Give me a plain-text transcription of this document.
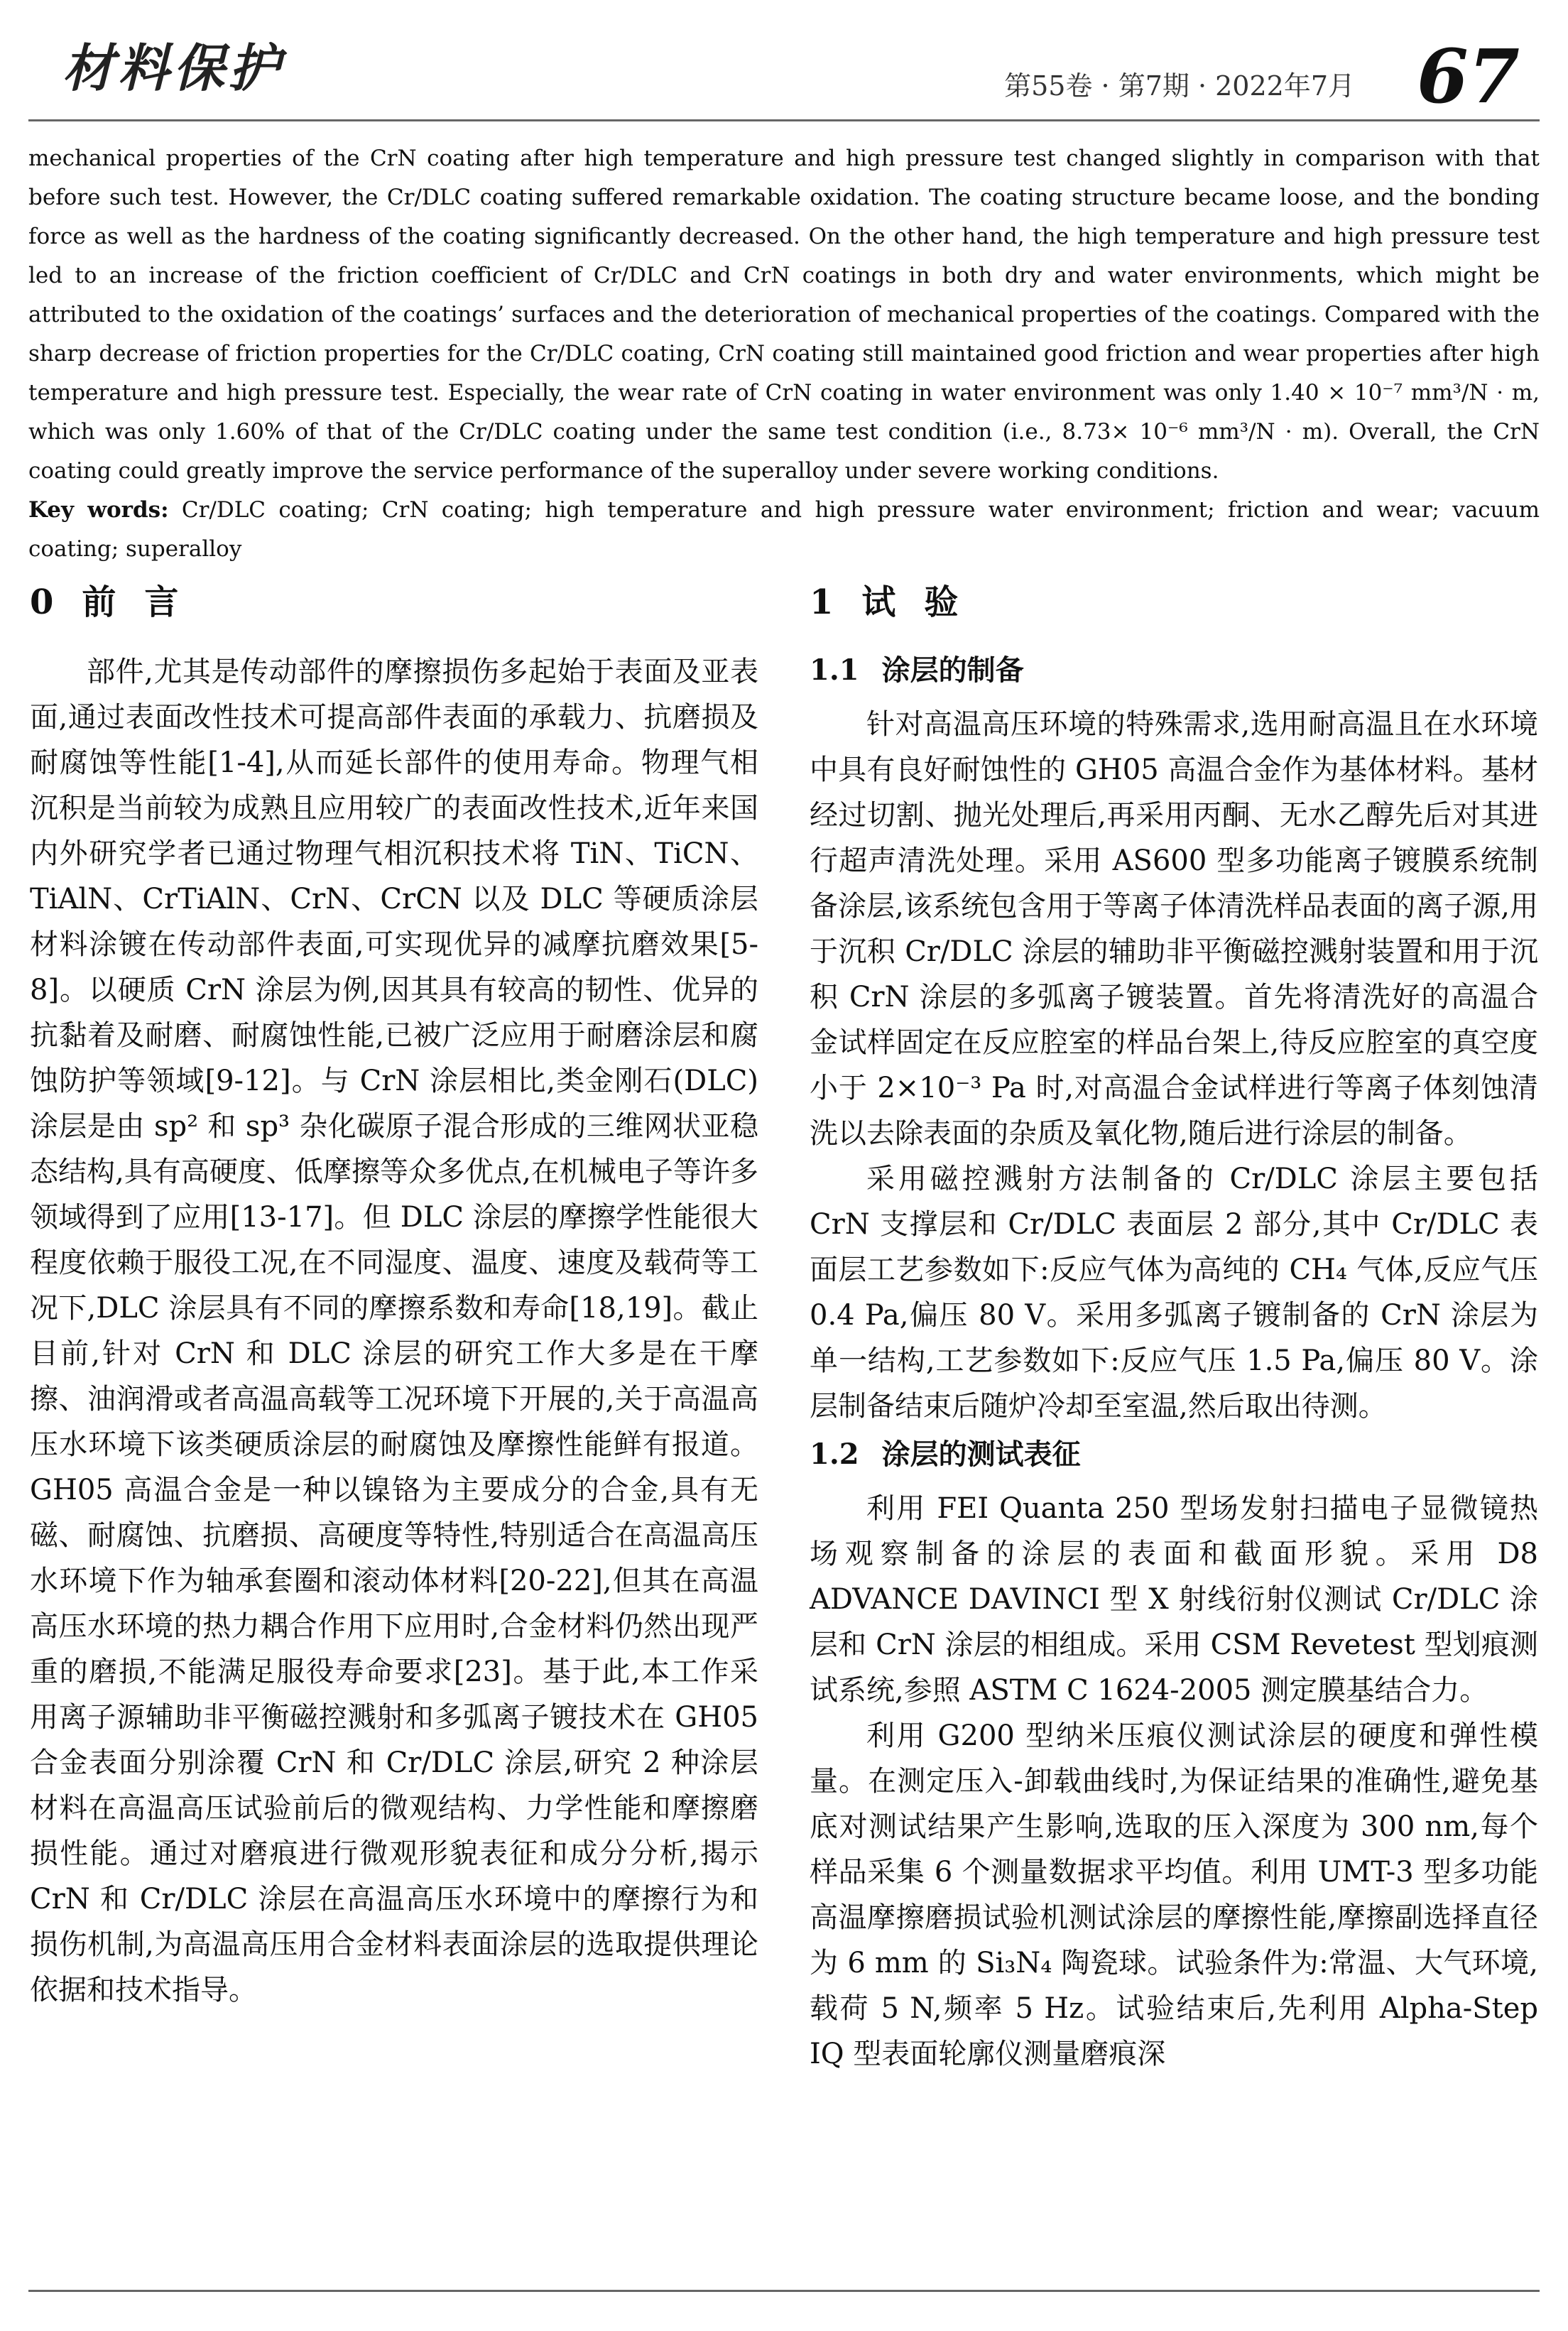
材料保护	第55卷 · 第7期 · 2022年7月 67

mechanical properties of the CrN coating after high temperature and high pressure test changed slightly in comparison with that before such test. However, the Cr/DLC coating suffered remarkable oxidation. The coating structure became loose, and the bonding force as well as the hardness of the coating significantly decreased. On the other hand, the high temperature and high pressure test led to an increase of the friction coefficient of Cr/DLC and CrN coatings in both dry and water environments, which might be attributed to the oxidation of the coatings’ surfaces and the deterioration of mechanical properties of the coatings. Compared with the sharp decrease of friction properties for the Cr/DLC coating, CrN coating still maintained good friction and wear properties after high temperature and high pressure test. Especially, the wear rate of CrN coating in water environment was only 1.40 × 10⁻⁷ mm³/N · m, which was only 1.60% of that of the Cr/DLC coating under the same test condition (i.e., 8.73× 10⁻⁶ mm³/N · m). Overall, the CrN coating could greatly improve the service performance of the superalloy under severe working conditions.

Key words: Cr/DLC coating; CrN coating; high temperature and high pressure water environment; friction and wear; vacuum coating; superalloy

0 前言

部件,尤其是传动部件的摩擦损伤多起始于表面及亚表面,通过表面改性技术可提高部件表面的承载力、抗磨损及耐腐蚀等性能[1-4],从而延长部件的使用寿命。物理气相沉积是当前较为成熟且应用较广的表面改性技术,近年来国内外研究学者已通过物理气相沉积技术将 TiN、TiCN、TiAlN、CrTiAlN、CrN、CrCN 以及 DLC 等硬质涂层材料涂镀在传动部件表面,可实现优异的减摩抗磨效果[5-8]。以硬质 CrN 涂层为例,因其具有较高的韧性、优异的抗黏着及耐磨、耐腐蚀性能,已被广泛应用于耐磨涂层和腐蚀防护等领域[9-12]。与 CrN 涂层相比,类金刚石(DLC)涂层是由 sp² 和 sp³ 杂化碳原子混合形成的三维网状亚稳态结构,具有高硬度、低摩擦等众多优点,在机械电子等许多领域得到了应用[13-17]。但 DLC 涂层的摩擦学性能很大程度依赖于服役工况,在不同湿度、温度、速度及载荷等工况下,DLC 涂层具有不同的摩擦系数和寿命[18,19]。截止目前,针对 CrN 和 DLC 涂层的研究工作大多是在干摩擦、油润滑或者高温高载等工况环境下开展的,关于高温高压水环境下该类硬质涂层的耐腐蚀及摩擦性能鲜有报道。GH05 高温合金是一种以镍铬为主要成分的合金,具有无磁、耐腐蚀、抗磨损、高硬度等特性,特别适合在高温高压水环境下作为轴承套圈和滚动体材料[20-22],但其在高温高压水环境的热力耦合作用下应用时,合金材料仍然出现严重的磨损,不能满足服役寿命要求[23]。基于此,本工作采用离子源辅助非平衡磁控溅射和多弧离子镀技术在 GH05 合金表面分别涂覆 CrN 和 Cr/DLC 涂层,研究 2 种涂层材料在高温高压试验前后的微观结构、力学性能和摩擦磨损性能。通过对磨痕进行微观形貌表征和成分分析,揭示 CrN 和 Cr/DLC 涂层在高温高压水环境中的摩擦行为和损伤机制,为高温高压用合金材料表面涂层的选取提供理论依据和技术指导。

1 试验
1.1 涂层的制备

针对高温高压环境的特殊需求,选用耐高温且在水环境中具有良好耐蚀性的 GH05 高温合金作为基体材料。基材经过切割、抛光处理后,再采用丙酮、无水乙醇先后对其进行超声清洗处理。采用 AS600 型多功能离子镀膜系统制备涂层,该系统包含用于等离子体清洗样品表面的离子源,用于沉积 Cr/DLC 涂层的辅助非平衡磁控溅射装置和用于沉积 CrN 涂层的多弧离子镀装置。首先将清洗好的高温合金试样固定在反应腔室的样品台架上,待反应腔室的真空度小于 2×10⁻³ Pa 时,对高温合金试样进行等离子体刻蚀清洗以去除表面的杂质及氧化物,随后进行涂层的制备。

采用磁控溅射方法制备的 Cr/DLC 涂层主要包括 CrN 支撑层和 Cr/DLC 表面层 2 部分,其中 Cr/DLC 表面层工艺参数如下:反应气体为高纯的 CH₄ 气体,反应气压 0.4 Pa,偏压 80 V。采用多弧离子镀制备的 CrN 涂层为单一结构,工艺参数如下:反应气压 1.5 Pa,偏压 80 V。涂层制备结束后随炉冷却至室温,然后取出待测。

1.2 涂层的测试表征

利用 FEI Quanta 250 型场发射扫描电子显微镜热场观察制备的涂层的表面和截面形貌。采用 D8 ADVANCE DAVINCI 型 X 射线衍射仪测试 Cr/DLC 涂层和 CrN 涂层的相组成。采用 CSM Revetest 型划痕测试系统,参照 ASTM C 1624-2005 测定膜基结合力。

利用 G200 型纳米压痕仪测试涂层的硬度和弹性模量。在测定压入-卸载曲线时,为保证结果的准确性,避免基底对测试结果产生影响,选取的压入深度为 300 nm,每个样品采集 6 个测量数据求平均值。利用 UMT-3 型多功能高温摩擦磨损试验机测试涂层的摩擦性能,摩擦副选择直径为 6 mm 的 Si₃N₄ 陶瓷球。试验条件为:常温、大气环境,载荷 5 N,频率 5 Hz。试验结束后,先利用 Alpha-Step IQ 型表面轮廓仪测量磨痕深
